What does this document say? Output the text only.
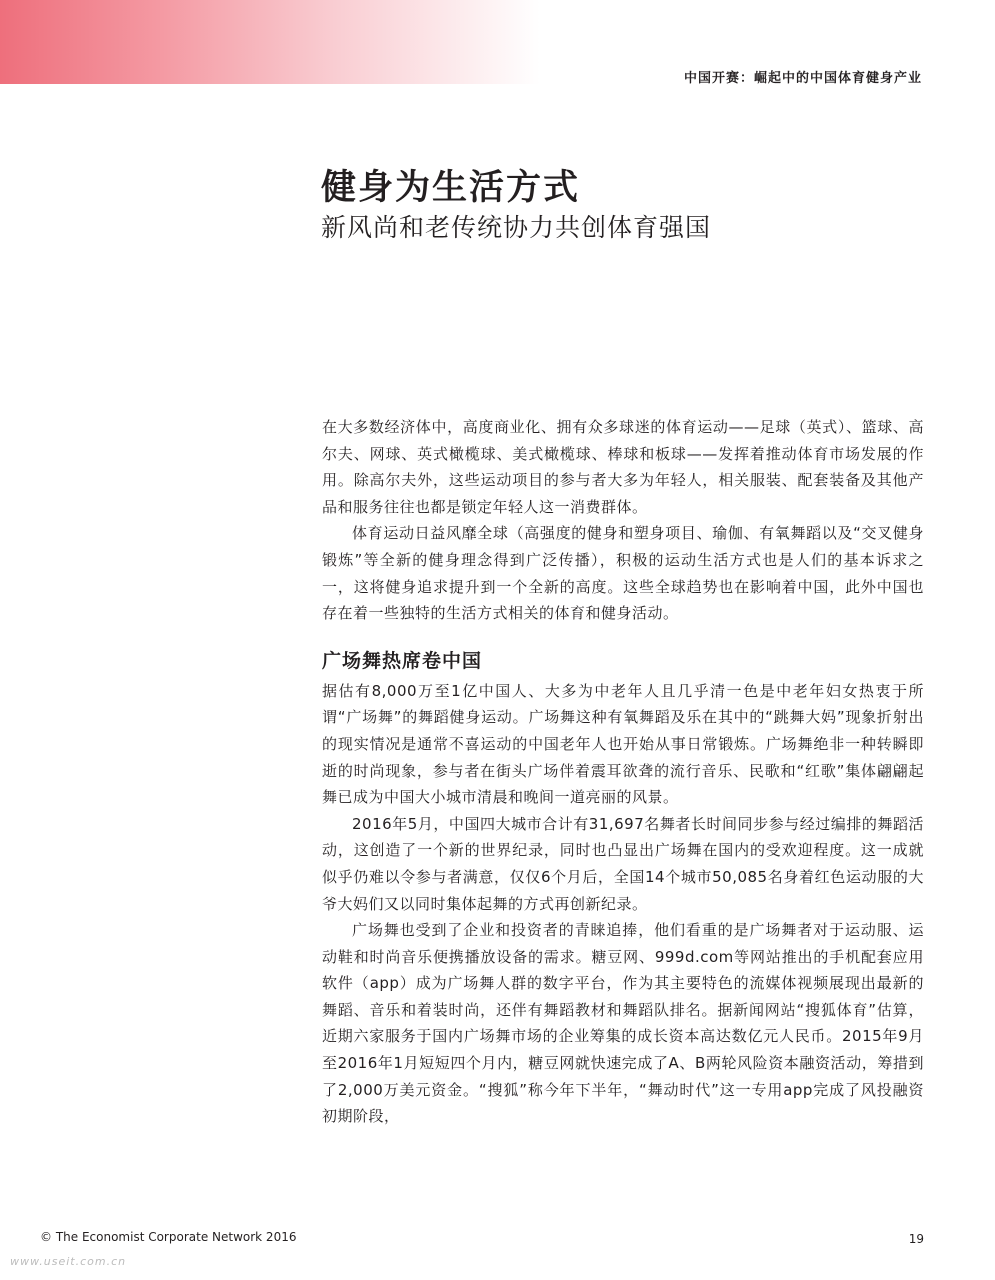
中国开赛：崛起中的中国体育健身产业
健身为生活方式
新风尚和老传统协力共创体育强国

在大多数经济体中，高度商业化、拥有众多球迷的体育运动——足球（英式）、篮球、高尔夫、网球、英式橄榄球、美式橄榄球、棒球和板球——发挥着推动体育市场发展的作用。除高尔夫外，这些运动项目的参与者大多为年轻人，相关服装、配套装备及其他产品和服务往往也都是锁定年轻人这一消费群体。

体育运动日益风靡全球（高强度的健身和塑身项目、瑜伽、有氧舞蹈以及“交叉健身锻炼”等全新的健身理念得到广泛传播），积极的运动生活方式也是人们的基本诉求之一，这将健身追求提升到一个全新的高度。这些全球趋势也在影响着中国，此外中国也存在着一些独特的生活方式相关的体育和健身活动。

广场舞热席卷中国

据估有8,000万至1亿中国人、大多为中老年人且几乎清一色是中老年妇女热衷于所谓“广场舞”的舞蹈健身运动。广场舞这种有氧舞蹈及乐在其中的“跳舞大妈”现象折射出的现实情况是通常不喜运动的中国老年人也开始从事日常锻炼。广场舞绝非一种转瞬即逝的时尚现象，参与者在街头广场伴着震耳欲聋的流行音乐、民歌和“红歌”集体翩翩起舞已成为中国大小城市清晨和晚间一道亮丽的风景。

2016年5月，中国四大城市合计有31,697名舞者长时间同步参与经过编排的舞蹈活动，这创造了一个新的世界纪录，同时也凸显出广场舞在国内的受欢迎程度。这一成就似乎仍难以令参与者满意，仅仅6个月后，全国14个城市50,085名身着红色运动服的大爷大妈们又以同时集体起舞的方式再创新纪录。

广场舞也受到了企业和投资者的青睐追捧，他们看重的是广场舞者对于运动服、运动鞋和时尚音乐便携播放设备的需求。糖豆网、999d.com等网站推出的手机配套应用软件（app）成为广场舞人群的数字平台，作为其主要特色的流媒体视频展现出最新的舞蹈、音乐和着装时尚，还伴有舞蹈教材和舞蹈队排名。据新闻网站“搜狐体育”估算，近期六家服务于国内广场舞市场的企业筹集的成长资本高达数亿元人民币。2015年9月至2016年1月短短四个月内，糖豆网就快速完成了A、B两轮风险资本融资活动，筹措到了2,000万美元资金。“搜狐”称今年下半年，“舞动时代”这一专用app完成了风投融资初期阶段，

© The Economist Corporate Network 2016	19
www.useit.com.cn
